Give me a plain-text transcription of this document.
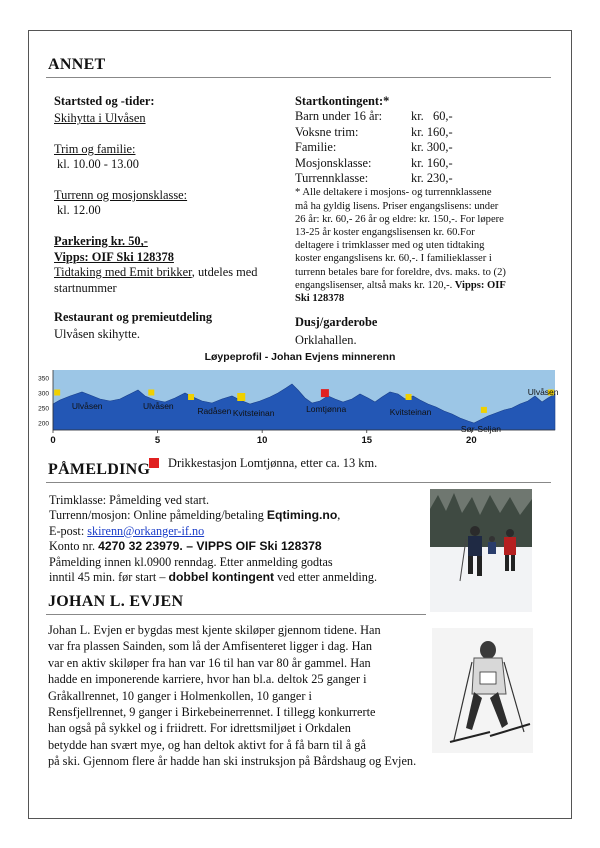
ANNET
Startsted og -tider:
Skihytta i Ulvåsen
Trim og familie:
kl. 10.00 - 13.00
Turrenn og mosjonsklasse:
kl. 12.00
Parkering kr. 50,-
Vipps: OIF Ski 128378
Tidtaking med Emit brikker, utdeles med
startnummer
Restaurant og premieutdeling
Ulvåsen skihytte.
Startkontingent:*
Barn under 16 år:	kr.   60,-
Voksne trim:	kr. 160,-
Familie:	kr. 300,-
Mosjonsklasse:	kr. 160,-
Turrennklasse:	kr. 230,-
* Alle deltakere i mosjons- og turrennklassene
må ha gyldig lisens. Priser engangslisens: under
26 år: kr. 60,- 26 år og eldre: kr. 150,-. For løpere
13-25 år koster engangslisensen kr. 60.For
deltagere i trimklasser med og uten tidtaking
koster engangslisens kr. 60,-. I familieklasser i
turrenn betales bare for foreldre, dvs. maks. to (2)
engangslisenser, altså maks kr. 120,-. Vipps: OIF
Ski 128378
Dusj/garderobe
Orklahallen.
Løypeprofil - Johan Evjens minnerenn
350
300
250
200
0	5	10	15	20
Ulvåsen	Ulvåsen	Radåsen Kvitsteinan	Lomtjønna	Kvitsteinan
Sør-Seljan
Ulvåsen
Drikkestasjon Lomtjønna, etter ca. 13 km.
PÅMELDING
Trimklasse: Påmelding ved start.
Turrenn/mosjon: Online påmelding/betaling Eqtiming.no,
E-post: skirenn@orkanger-if.no
Konto nr. 4270 32 23979. – VIPPS OIF Ski 128378
Påmelding innen kl.0900 renndag. Etter anmelding godtas
inntil 45 min. før start – dobbel kontingent ved etter anmelding.
JOHAN L. EVJEN
Johan L. Evjen er bygdas mest kjente skiløper gjennom tidene. Han
var fra plassen Sainden, som lå der Amfisenteret ligger i dag. Han
var en aktiv skiløper fra han var 16 til han var 80 år gammel. Han
hadde en imponerende karriere, hvor han bl.a. deltok 25 ganger i
Gråkallrennet, 10 ganger i Holmenkollen, 10 ganger i
Rensfjellrennet, 9 ganger i Birkebeinerrennet. I tillegg konkurrerte
han også på sykkel og i friidrett. For idrettsmiljøet i Orkdalen
betydde han svært mye, og han deltok aktivt for å få barn til å gå
på ski. Gjennom flere år hadde han ski instruksjon på Bårdshaug og Evjen.
